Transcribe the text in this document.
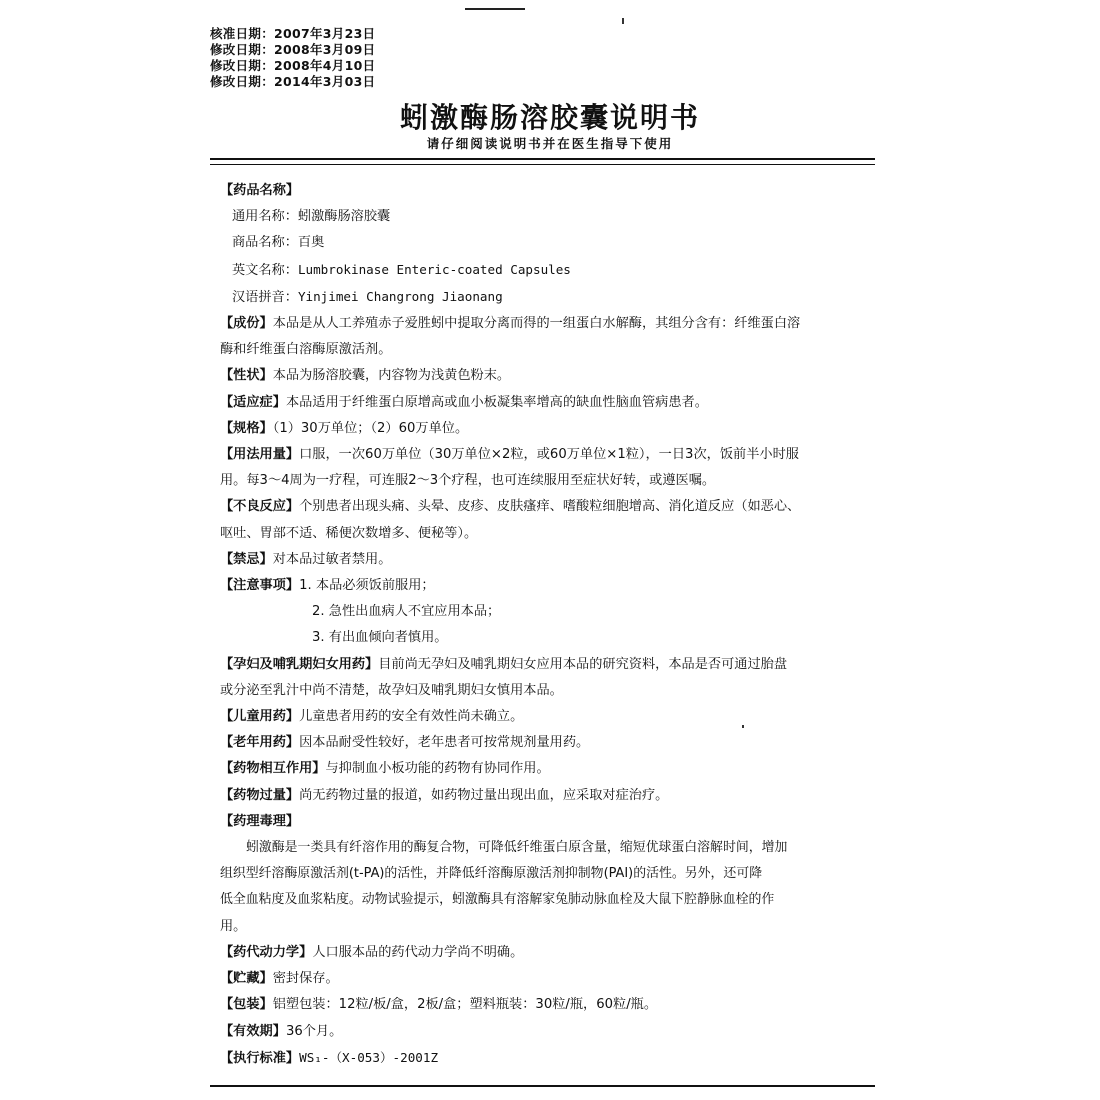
核准日期：2007年3月23日
修改日期：2008年3月09日
修改日期：2008年4月10日
修改日期：2014年3月03日
蚓激酶肠溶胶囊说明书
请仔细阅读说明书并在医生指导下使用
【药品名称】
通用名称：蚓激酶肠溶胶囊
商品名称：百奥
英文名称：Lumbrokinase Enteric-coated Capsules
汉语拼音：Yinjimei Changrong Jiaonang
【成份】本品是从人工养殖赤子爱胜蚓中提取分离而得的一组蛋白水解酶，其组分含有：纤维蛋白溶
酶和纤维蛋白溶酶原激活剂。
【性状】本品为肠溶胶囊，内容物为浅黄色粉末。
【适应症】本品适用于纤维蛋白原增高或血小板凝集率增高的缺血性脑血管病患者。
【规格】（1）30万单位；（2）60万单位。
【用法用量】口服，一次60万单位（30万单位×2粒，或60万单位×1粒），一日3次，饭前半小时服
用。每3～4周为一疗程，可连服2～3个疗程，也可连续服用至症状好转，或遵医嘱。
【不良反应】个别患者出现头痛、头晕、皮疹、皮肤瘙痒、嗜酸粒细胞增高、消化道反应（如恶心、
呕吐、胃部不适、稀便次数增多、便秘等）。
【禁忌】对本品过敏者禁用。
【注意事项】1. 本品必须饭前服用；
2. 急性出血病人不宜应用本品；
3. 有出血倾向者慎用。
【孕妇及哺乳期妇女用药】目前尚无孕妇及哺乳期妇女应用本品的研究资料，本品是否可通过胎盘
或分泌至乳汁中尚不清楚，故孕妇及哺乳期妇女慎用本品。
【儿童用药】儿童患者用药的安全有效性尚未确立。
【老年用药】因本品耐受性较好，老年患者可按常规剂量用药。
【药物相互作用】与抑制血小板功能的药物有协同作用。
【药物过量】尚无药物过量的报道，如药物过量出现出血，应采取对症治疗。
【药理毒理】
蚓激酶是一类具有纤溶作用的酶复合物，可降低纤维蛋白原含量，缩短优球蛋白溶解时间，增加
组织型纤溶酶原激活剂(t-PA)的活性，并降低纤溶酶原激活剂抑制物(PAI)的活性。另外，还可降
低全血粘度及血浆粘度。动物试验提示，蚓激酶具有溶解家兔肺动脉血栓及大鼠下腔静脉血栓的作
用。
【药代动力学】人口服本品的药代动力学尚不明确。
【贮藏】密封保存。
【包装】铝塑包装：12粒/板/盒，2板/盒；塑料瓶装：30粒/瓶，60粒/瓶。
【有效期】36个月。
【执行标准】WS₁-（X-053）-2001Z
